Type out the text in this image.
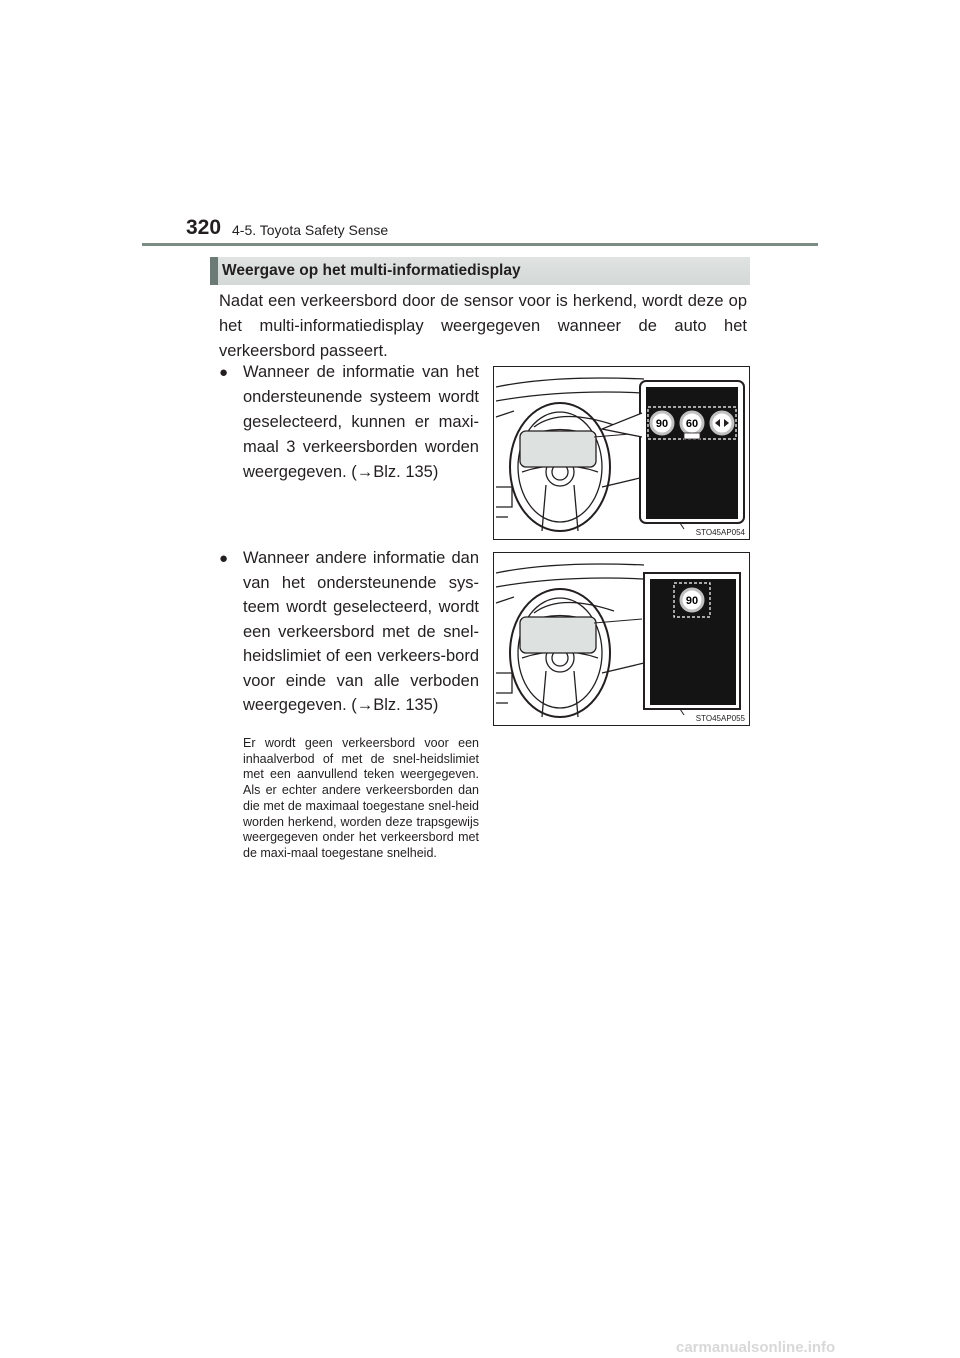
320 4-5. Toyota Safety Sense
Weergave op het multi-informatiedisplay

Nadat een verkeersbord door de sensor voor is herkend, wordt deze op het multi-informatiedisplay weergegeven wanneer de auto het verkeersbord passeert.

● Wanneer de informatie van het ondersteunende systeem wordt geselecteerd, kunnen er maxi-maal 3 verkeersborden worden weergegeven. (→Blz. 135)

● Wanneer andere informatie dan van het ondersteunende sys-teem wordt geselecteerd, wordt een verkeersbord met de snel-heidslimiet of een verkeers-bord voor einde van alle verboden weergegeven. (→Blz. 135)

Er wordt geen verkeersbord voor een inhaalverbod of met de snel-heidslimiet met een aanvullend teken weergegeven. Als er echter andere verkeersborden dan die met de maximaal toegestane snel-heid worden herkend, worden deze trapsgewijs weergegeven onder het verkeersbord met de maxi-maal toegestane snelheid.

90 60
STO45AP054
90
STO45AP055
carmanualsonline.info
